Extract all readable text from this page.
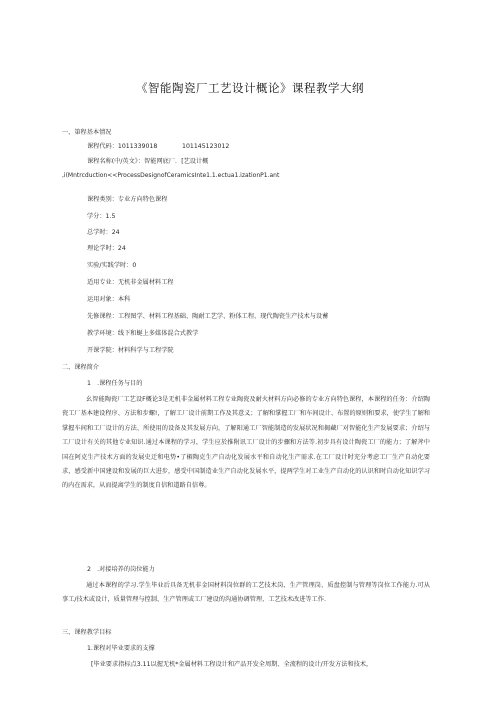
《智能陶瓷厂工艺设计概论》课程教学大纲
一、第程基本情况
课程代码：1011339018　　　　101145123012
课程名称(中/英文》：智能网底厂．[艺设计概
,i(Mntrcduction<<ProcessDesignofCeramicsInte1.1.ectua1.izationP1.ant
课程类别：专业方向特色课程
学分：1.5
总学时：24
理论学时：24
实验/实践学时：0
适用专业：无机非金属材料工程
运用对象：本科
先修课程：工程图学、材料工程基础、陶耐工艺学、粉体工程、现代陶瓷生产技术与设蓄
教学环境：线下和蜒上多媒体混合式教学
开课学院：材料科学与工程学院
二、课程简介
1　.课程任务与目的
幺智能陶瓷厂工艺设F概论3是无机非金属材料工程专业陶瓷及耐火材料方向必修的专业方向特色课程，本课程的任务：介绍陶瓷工厂基本建设程序、方法和步螺!，了解工厂设计前期工作及其意义；了解和掌握工厂和车间设计、布置的原则和要求，使学生了解和掌握车间和工厂设计的方法、所使用的设备及其发展方向，了解阳通工厂智能制造的发展状况和揭藏厂对智能化生产发展要求；介绍与工厂设计有关的其他专业知识.通过本课程的学习，学生应於推附讯工厂设计的步骤和方法等.初步具有设计陶瓷工厂的能力；了解斧中国在阿克生产技术方面的发展史迁和电势•了楣陶克生产自动化发展水平和自动化生产需求.在工厂设计时充分考虑工厂生产自动化要求，感受新中国建设和发展的巨大进步，感受中国制造业生产自动化发展水平，提两学生对工业生产自动化的认识和时自动化知识学习的内在需求，从而提离学生的制度自信和道路自信尊。
2　.对接培养的岗位能力
通过本课程的学习.学生毕业后具备无机非金国材料岗位群的工艺技术岗、生产管理岗、质盘控制与管理等岗位工作能力.可从事工/技术或设计，质量管理与控制、生产管理或工厂建设的沟通协调管理、工艺技术改进等工作.
三、课程教学目标
1.课程对毕业要求的支撑
[毕业要求指标点3.11以握无机*金属材料工程设计和产品开发全周期、全流程的设计/开发方法和技术，
